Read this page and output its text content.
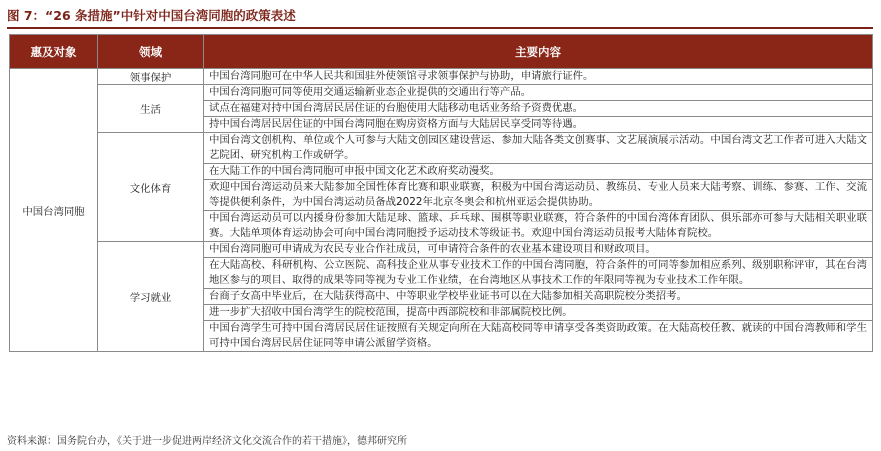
图 7：“26 条措施”中针对中国台湾同胞的政策表述
惠及对象	领域	主要内容
中国台湾同胞	领事保护	中国台湾同胞可在中华人民共和国驻外使领馆寻求领事保护与协助，申请旅行证件。
	生活	中国台湾同胞可同等使用交通运输新业态企业提供的交通出行等产品。
		试点在福建对持中国台湾居民居住证的台胞使用大陆移动电话业务给予资费优惠。
		持中国台湾居民居住证的中国台湾同胞在购房资格方面与大陆居民享受同等待遇。
	文化体育	中国台湾文创机构、单位或个人可参与大陆文创园区建设营运、参加大陆各类文创赛事、文艺展演展示活动。中国台湾文艺工作者可进入大陆文艺院团、研究机构工作或研学。
		在大陆工作的中国台湾同胞可申报中国文化艺术政府奖动漫奖。
		欢迎中国台湾运动员来大陆参加全国性体育比赛和职业联赛，积极为中国台湾运动员、教练员、专业人员来大陆考察、训练、参赛、工作、交流等提供便利条件，为中国台湾运动员备战2022年北京冬奥会和杭州亚运会提供协助。
		中国台湾运动员可以内援身份参加大陆足球、篮球、乒乓球、围棋等职业联赛，符合条件的中国台湾体育团队、俱乐部亦可参与大陆相关职业联赛。大陆单项体育运动协会可向中国台湾同胞授予运动技术等级证书。欢迎中国台湾运动员报考大陆体育院校。
	学习就业	中国台湾同胞可申请成为农民专业合作社成员，可申请符合条件的农业基本建设项目和财政项目。
		在大陆高校、科研机构、公立医院、高科技企业从事专业技术工作的中国台湾同胞，符合条件的可同等参加相应系列、级别职称评审，其在台湾地区参与的项目、取得的成果等同等视为专业工作业绩，在台湾地区从事技术工作的年限同等视为专业技术工作年限。
		台商子女高中毕业后，在大陆获得高中、中等职业学校毕业证书可以在大陆参加相关高职院校分类招考。
		进一步扩大招收中国台湾学生的院校范围，提高中西部院校和非部属院校比例。
		中国台湾学生可持中国台湾居民居住证按照有关规定向所在大陆高校同等申请享受各类资助政策。在大陆高校任教、就读的中国台湾教师和学生可持中国台湾居民居住证同等申请公派留学资格。
资料来源：国务院台办，《关于进一步促进两岸经济文化交流合作的若干措施》，德邦研究所
